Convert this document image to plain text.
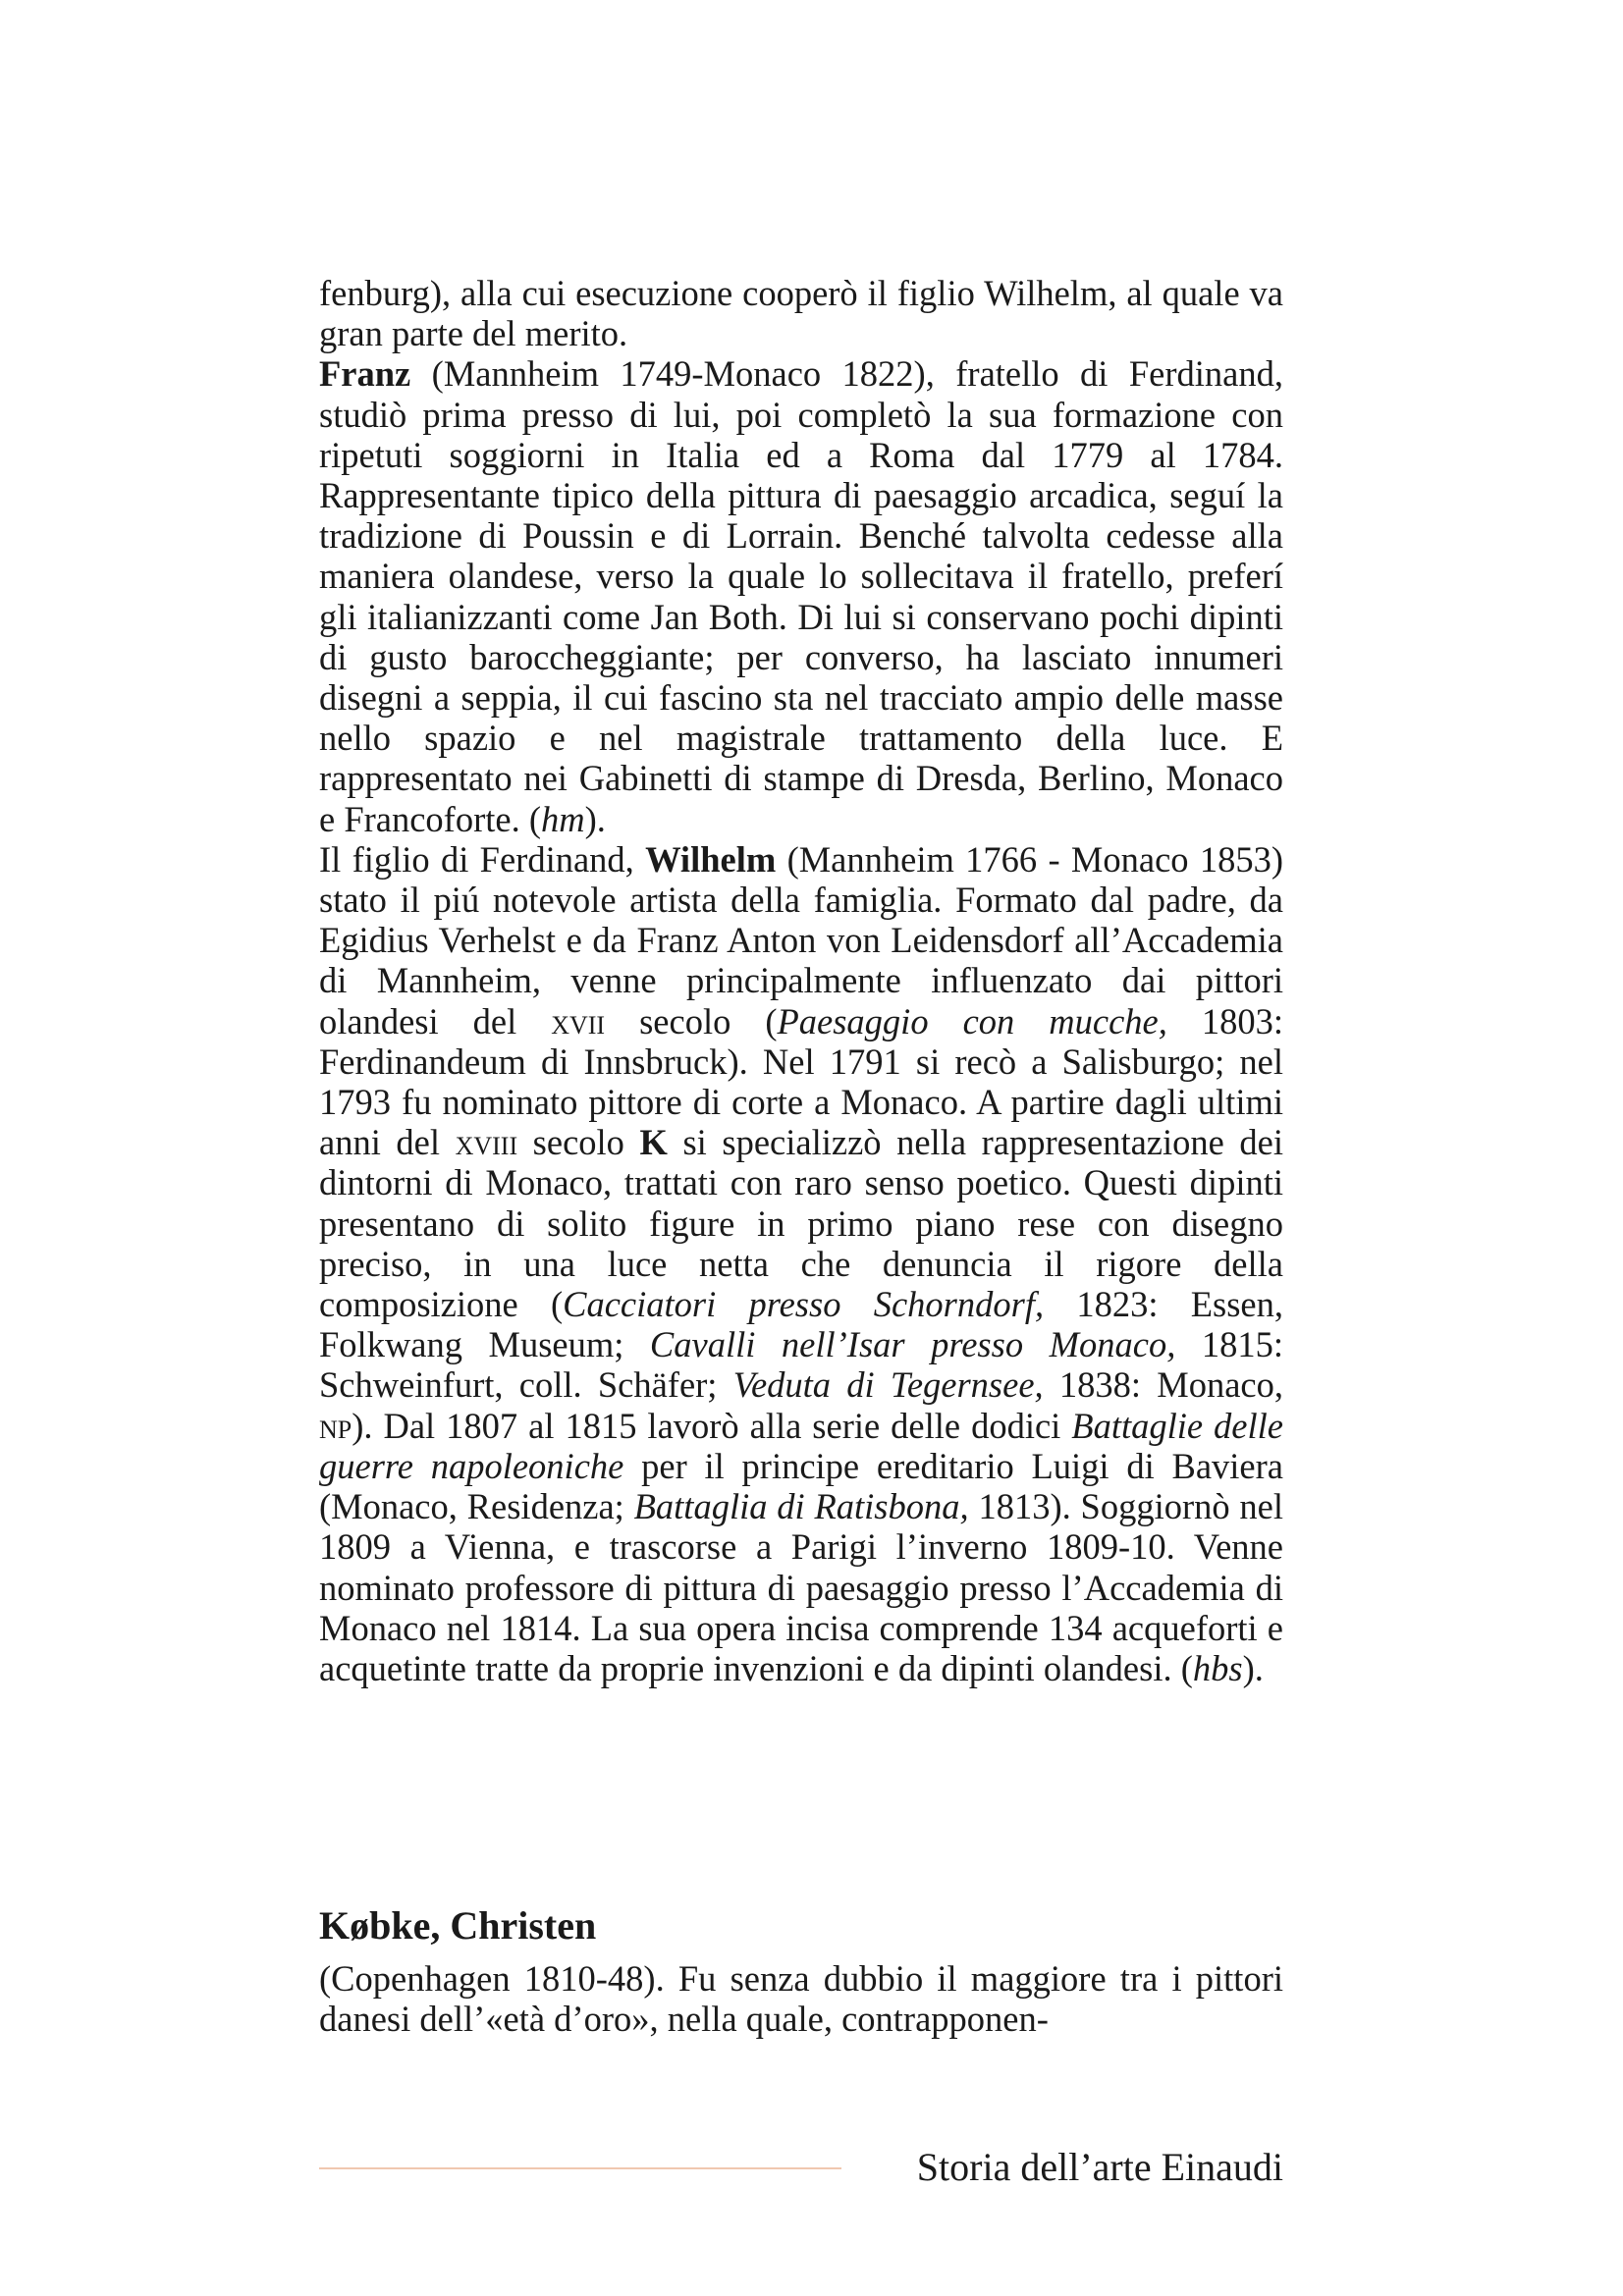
fenburg), alla cui esecuzione cooperò il figlio Wilhelm, al quale va gran parte del merito.

Franz (Mannheim 1749-Monaco 1822), fratello di Ferdinand, studiò prima presso di lui, poi completò la sua formazione con ripetuti soggiorni in Italia ed a Roma dal 1779 al 1784. Rappresentante tipico della pittura di paesaggio arcadica, seguí la tradizione di Poussin e di Lorrain. Benché talvolta cedesse alla maniera olandese, verso la quale lo sollecitava il fratello, preferí gli italianizzanti come Jan Both. Di lui si conservano pochi dipinti di gusto baroccheggiante; per converso, ha lasciato innumeri disegni a seppia, il cui fascino sta nel tracciato ampio delle masse nello spazio e nel magistrale trattamento della luce. E rappresentato nei Gabinetti di stampe di Dresda, Berlino, Monaco e Francoforte. (hm).

Il figlio di Ferdinand, Wilhelm (Mannheim 1766 - Monaco 1853) stato il piú notevole artista della famiglia. Formato dal padre, da Egidius Verhelst e da Franz Anton von Leidensdorf all’Accademia di Mannheim, venne principalmente influenzato dai pittori olandesi del xvii secolo (Paesaggio con mucche, 1803: Ferdinandeum di Innsbruck). Nel 1791 si recò a Salisburgo; nel 1793 fu nominato pittore di corte a Monaco. A partire dagli ultimi anni del xviii secolo K si specializzò nella rappresentazione dei dintorni di Monaco, trattati con raro senso poetico. Questi dipinti presentano di solito figure in primo piano rese con disegno preciso, in una luce netta che denuncia il rigore della composizione (Cacciatori presso Schorndorf, 1823: Essen, Folkwang Museum; Cavalli nell’Isar presso Monaco, 1815: Schweinfurt, coll. Schäfer; Veduta di Tegernsee, 1838: Monaco, np). Dal 1807 al 1815 lavorò alla serie delle dodici Battaglie delle guerre napoleoniche per il principe ereditario Luigi di Baviera (Monaco, Residenza; Battaglia di Ratisbona, 1813). Soggiornò nel 1809 a Vienna, e trascorse a Parigi l’inverno 1809-10. Venne nominato professore di pittura di paesaggio presso l’Accademia di Monaco nel 1814. La sua opera incisa comprende 134 acqueforti e acquetinte tratte da proprie invenzioni e da dipinti olandesi. (hbs).

Købke, Christen

(Copenhagen 1810-48). Fu senza dubbio il maggiore tra i pittori danesi dell’«età d’oro», nella quale, contrapponen-

Storia dell’arte Einaudi
